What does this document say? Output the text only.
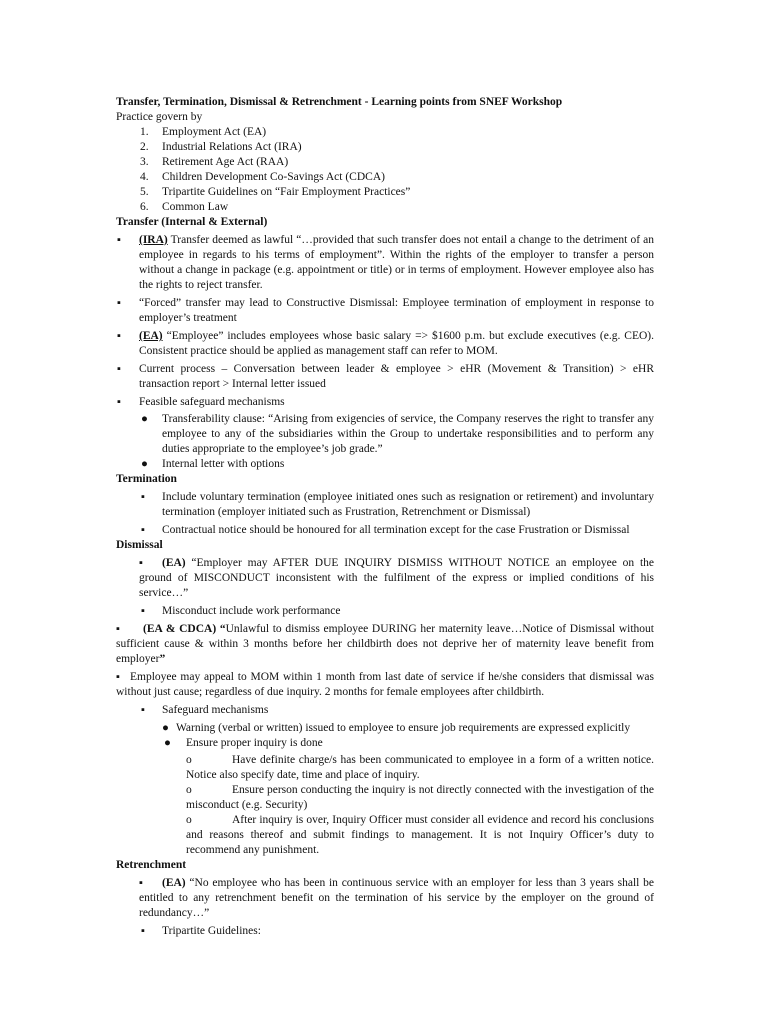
Transfer, Termination, Dismissal & Retrenchment - Learning points from SNEF Workshop

Practice govern by

1. Employment Act (EA)
2. Industrial Relations Act (IRA)
3. Retirement Age Act (RAA)
4. Children Development Co-Savings Act (CDCA)
5. Tripartite Guidelines on “Fair Employment Practices”
6. Common Law

Transfer (Internal & External)

▪ (IRA) Transfer deemed as lawful “…provided that such transfer does not entail a change to the detriment of an employee in regards to his terms of employment”. Within the rights of the employer to transfer a person without a change in package (e.g. appointment or title) or in terms of employment. However employee also has the rights to reject transfer.
▪ “Forced” transfer may lead to Constructive Dismissal: Employee termination of employment in response to employer’s treatment
▪ (EA) “Employee” includes employees whose basic salary => $1600 p.m. but exclude executives (e.g. CEO). Consistent practice should be applied as management staff can refer to MOM.
▪ Current process – Conversation between leader & employee > eHR (Movement & Transition) > eHR transaction report > Internal letter issued
▪ Feasible safeguard mechanisms
● Transferability clause: “Arising from exigencies of service, the Company reserves the right to transfer any employee to any of the subsidiaries within the Group to undertake responsibilities and to perform any duties appropriate to the employee’s job grade.”
● Internal letter with options

Termination

▪ Include voluntary termination (employee initiated ones such as resignation or retirement) and involuntary termination (employer initiated such as Frustration, Retrenchment or Dismissal)
▪ Contractual notice should be honoured for all termination except for the case Frustration or Dismissal

Dismissal

▪ (EA) “Employer may AFTER DUE INQUIRY DISMISS WITHOUT NOTICE an employee on the ground of MISCONDUCT inconsistent with the fulfilment of the express or implied conditions of his service…”

▪ Misconduct include work performance

▪ (EA & CDCA) “Unlawful to dismiss employee DURING her maternity leave…Notice of Dismissal without sufficient cause & within 3 months before her childbirth does not deprive her of maternity leave benefit from employer”

▪ Employee may appeal to MOM within 1 month from last date of service if he/she considers that dismissal was without just cause; regardless of due inquiry. 2 months for female employees after childbirth.

▪ Safeguard mechanisms

● Warning (verbal or written) issued to employee to ensure job requirements are expressed explicitly

●	Ensure proper inquiry is done

o	Have definite charge/s has been communicated to employee in a form of a written notice. Notice also specify date, time and place of inquiry.

o	Ensure person conducting the inquiry is not directly connected with the investigation of the misconduct (e.g. Security)

o	After inquiry is over, Inquiry Officer must consider all evidence and record his conclusions and reasons thereof and submit findings to management. It is not Inquiry Officer’s duty to recommend any punishment.

Retrenchment

▪ (EA) “No employee who has been in continuous service with an employer for less than 3 years shall be entitled to any retrenchment benefit on the termination of his service by the employer on the ground of redundancy…”

▪ Tripartite Guidelines:
